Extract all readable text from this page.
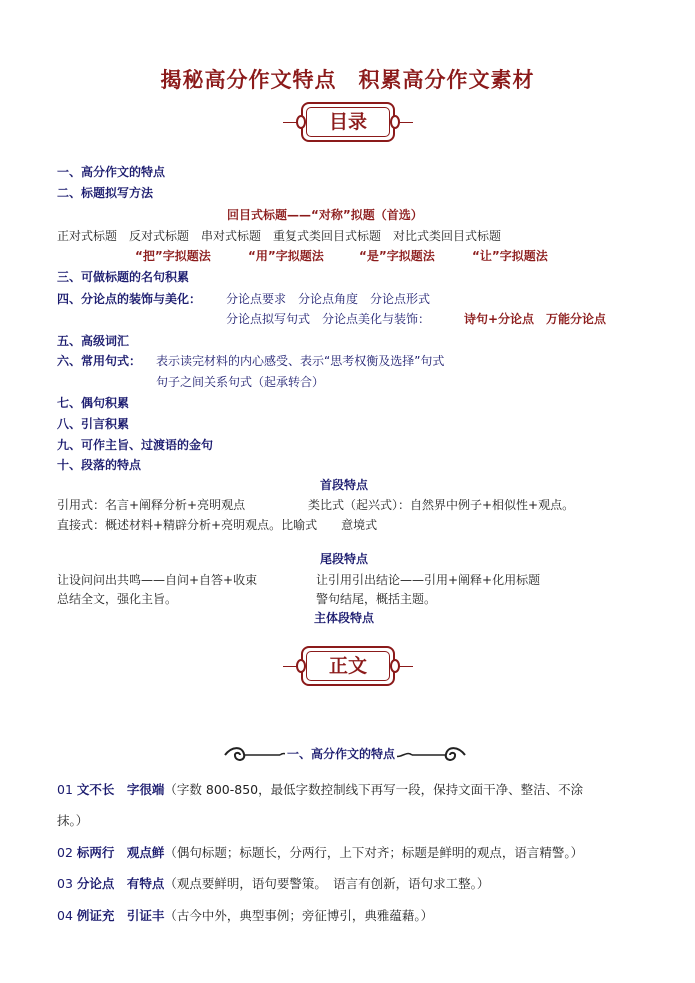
揭秘高分作文特点　积累高分作文素材
目录
一、高分作文的特点
二、标题拟写方法
回目式标题——“对称”拟题（首选）
正对式标题　反对式标题　串对式标题　重复式类回目式标题　对比式类回目式标题
“把”字拟题法	“用”字拟题法	“是”字拟题法	“让”字拟题法
三、可做标题的名句积累
四、分论点的装饰与美化： 分论点要求　分论点角度　分论点形式
分论点拟写句式　分论点美化与装饰：	诗句+分论点　万能分论点
五、高级词汇
六、常用句式： 表示读完材料的内心感受、表示“思考权衡及选择”句式
句子之间关系句式（起承转合）
七、偶句积累
八、引言积累
九、可作主旨、过渡语的金句
十、段落的特点
首段特点
引用式：名言+阐释分析+亮明观点	类比式（起兴式）：自然界中例子+相似性+观点。
直接式：概述材料+精辟分析+亮明观点。比喻式　　意境式
尾段特点
让设问问出共鸣——自问+自答+收束	让引用引出结论——引用+阐释+化用标题
总结全文，强化主旨。	警句结尾，概括主题。
主体段特点
正文
一、高分作文的特点
01 文不长　字很端（字数 800-850，最低字数控制线下再写一段，保持文面干净、整洁、不涂
抹。）
02 标两行　观点鲜（偶句标题；标题长，分两行，上下对齐；标题是鲜明的观点，语言精警。）
03 分论点　有特点（观点要鲜明，语句要警策。　语言有创新，语句求工整。）
04 例证充　引证丰（古今中外，典型事例；旁征博引，典雅蕴藉。）
